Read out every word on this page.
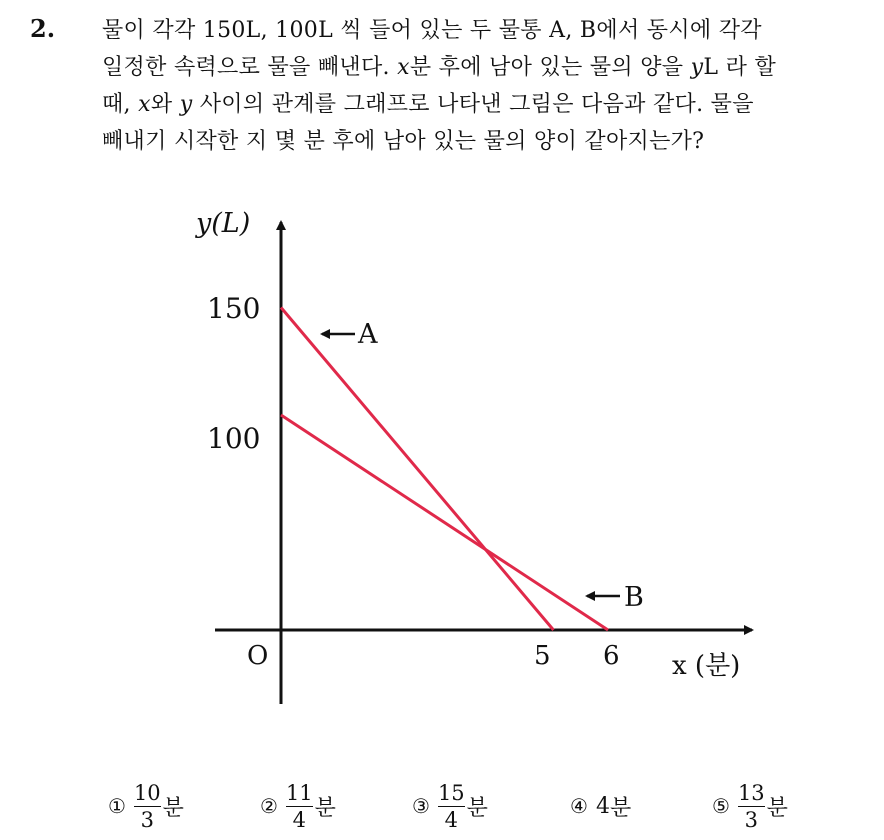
2. 물이 각각 150L, 100L 씩 들어 있는 두 물통 A, B에서 동시에 각각
일정한 속력으로 물을 빼낸다. x분 후에 남아 있는 물의 양을 yL 라 할
때, x와 y 사이의 관계를 그래프로 나타낸 그림은 다음과 같다. 물을
빼내기 시작한 지 몇 분 후에 남아 있는 물의 양이 같아지는가?
y(L)
x (분)
O
150
100
5 6
A
B
① $\frac{10}{3}$ 분	② $\frac{11}{4}$ 분	③ $\frac{15}{4}$ 분	④ 4 분	⑤ $\frac{13}{3}$ 분
